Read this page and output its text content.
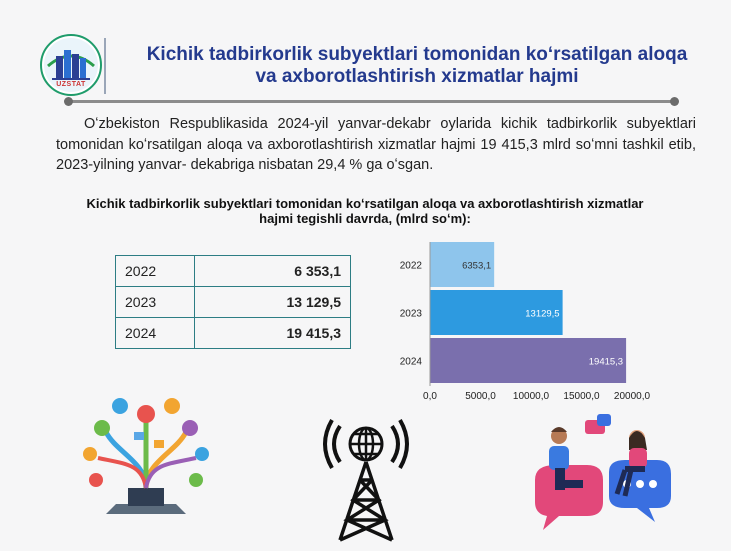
UZSTAT
Kichik tadbirkorlik subyektlari tomonidan koʻrsatilgan aloqa
va axborotlashtirish xizmatlar hajmi
Oʻzbekiston Respublikasida 2024-yil yanvar-dekabr oylarida kichik tadbirkorlik subyektlari tomonidan koʻrsatilgan aloqa va axborotlashtirish xizmatlar hajmi 19 415,3 mlrd soʻmni tashkil etib, 2023-yilning yanvar- dekabriga nisbatan 29,4 % ga oʻsgan.
Kichik tadbirkorlik subyektlari tomonidan koʻrsatilgan aloqa va axborotlashtirish xizmatlar
hajmi tegishli davrda, (mlrd soʻm):
2022	6 353,1
2023	13 129,5
2024	19 415,3
6353,1
2022
13129,5
2023
19415,3
2024
0,0	5000,0 10000,0 15000,0 20000,0
